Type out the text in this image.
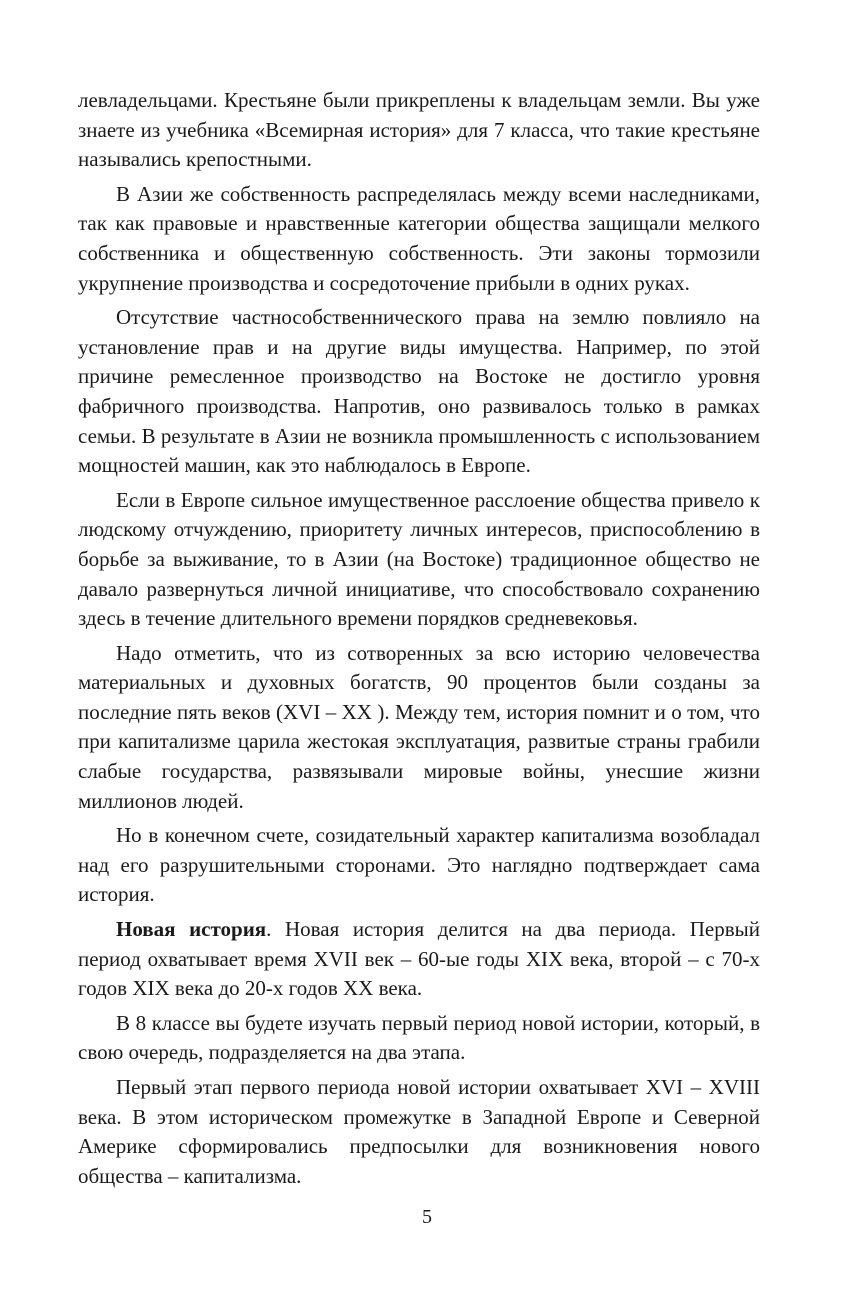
левладельцами. Крестьяне были прикреплены к владельцам земли. Вы уже знаете из учебника «Всемирная история» для 7 класса, что такие крестьяне назывались крепостными.

В Азии же собственность распределялась между всеми наследниками, так как правовые и нравственные категории общества защищали мелкого собственника и общественную собственность. Эти законы тормозили укрупнение производства и сосредоточение прибыли в одних руках.

Отсутствие частнособственнического права на землю повлияло на установление прав и на другие виды имущества. Например, по этой причине ремесленное производство на Востоке не достигло уровня фабричного производства. Напротив, оно развивалось только в рамках семьи. В результате в Азии не возникла промышленность с использованием мощностей машин, как это наблюдалось в Европе.

Если в Европе сильное имущественное расслоение общества привело к людскому отчуждению, приоритету личных интересов, приспособлению в борьбе за выживание, то в Азии (на Востоке) традиционное общество не давало развернуться личной инициативе, что способствовало сохранению здесь в течение длительного времени порядков средневековья.

Надо отметить, что из сотворенных за всю историю человечества материальных и духовных богатств, 90 процентов были созданы за последние пять веков (XVI – XX ). Между тем, история помнит и о том, что при капитализме царила жестокая эксплуатация, развитые страны грабили слабые государства, развязывали мировые войны, унесшие жизни миллионов людей.

Но в конечном счете, созидательный характер капитализма возобладал над его разрушительными сторонами. Это наглядно подтверждает сама история.

Новая история. Новая история делится на два периода. Первый период охватывает время XVII век – 60-ые годы XIX века, второй – с 70-х годов XIX века до 20-х годов XX века.

В 8 классе вы будете изучать первый период новой истории, который, в свою очередь, подразделяется на два этапа.

Первый этап первого периода новой истории охватывает XVI – XVIII века. В этом историческом промежутке в Западной Европе и Северной Америке сформировались предпосылки для возникновения нового общества – капитализма.

5
